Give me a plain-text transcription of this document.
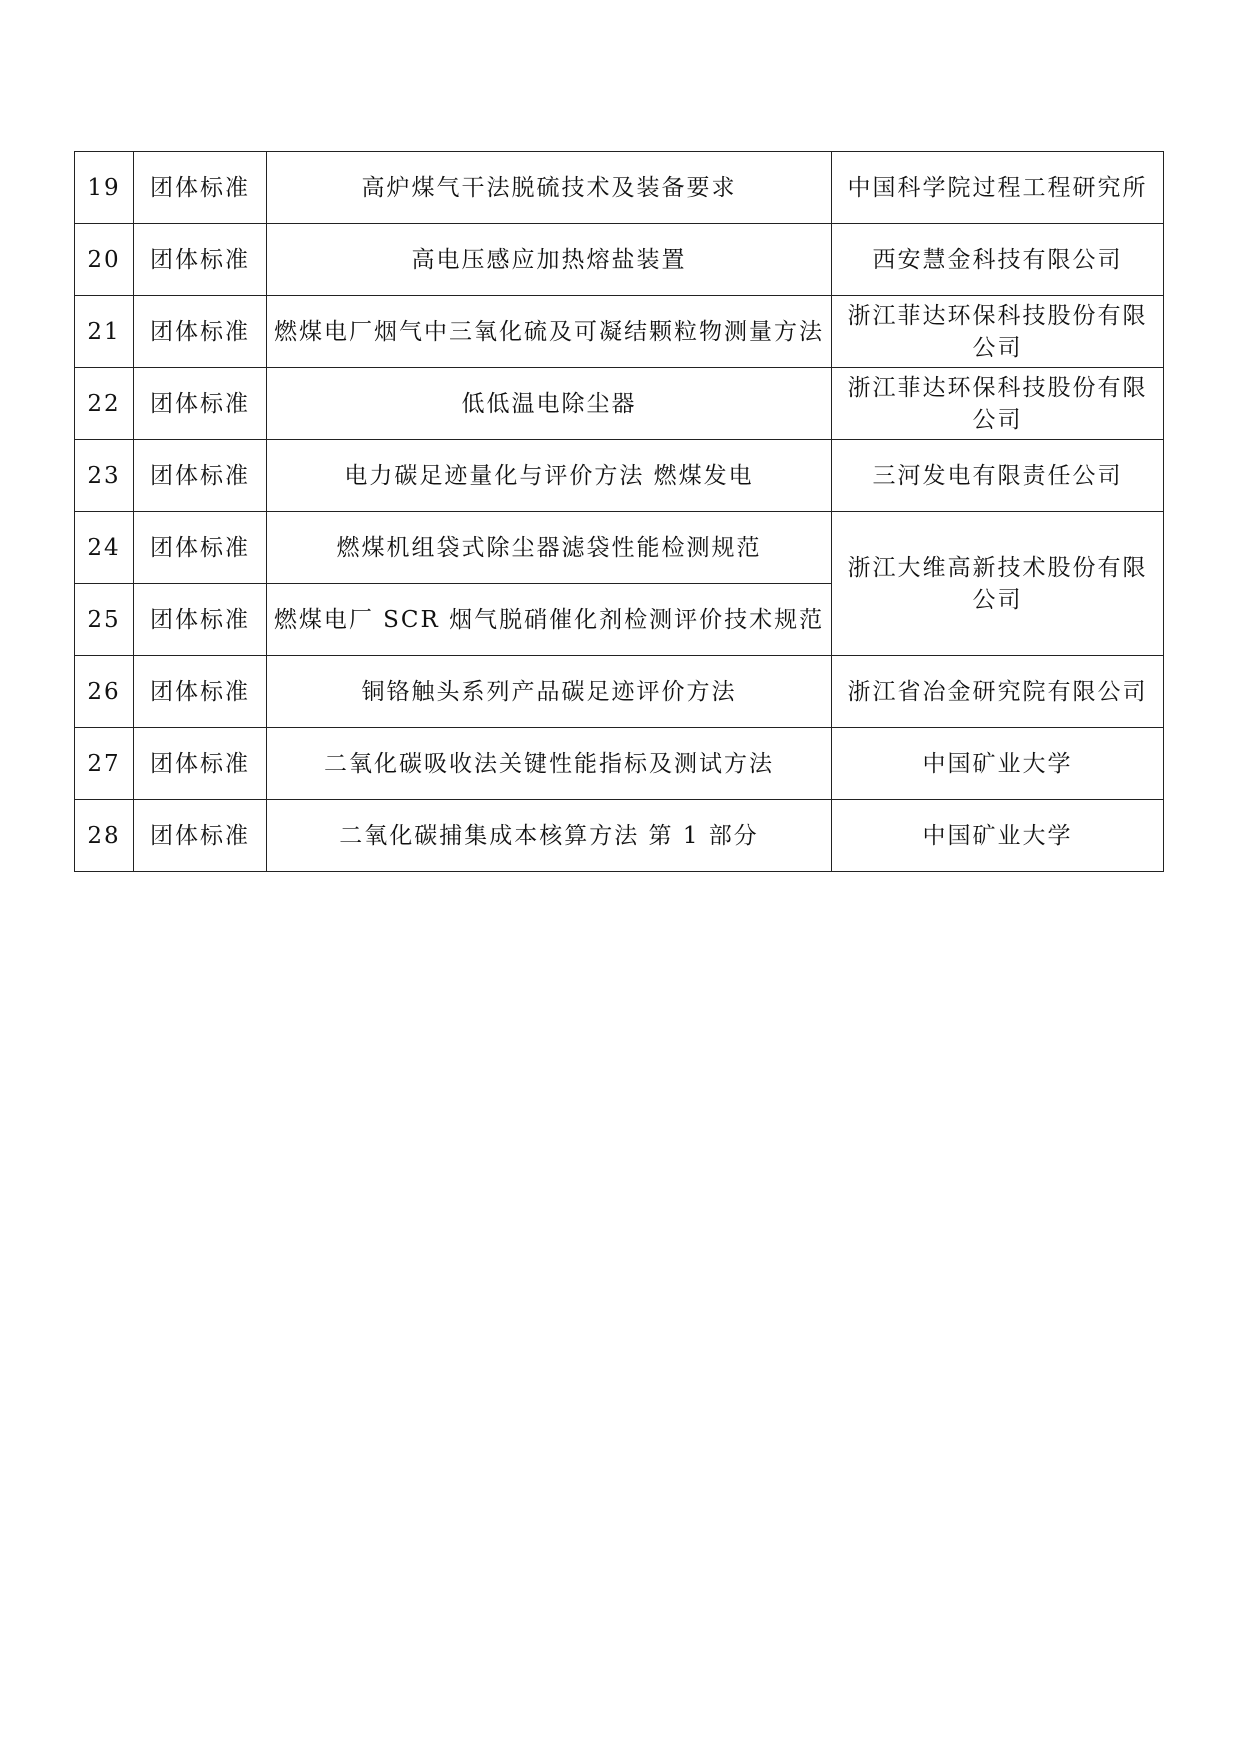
19	团体标准	高炉煤气干法脱硫技术及装备要求	中国科学院过程工程研究所
20	团体标准	高电压感应加热熔盐装置	西安慧金科技有限公司
21	团体标准	燃煤电厂烟气中三氧化硫及可凝结颗粒物测量方法	浙江菲达环保科技股份有限公司
22	团体标准	低低温电除尘器	浙江菲达环保科技股份有限公司
23	团体标准	电力碳足迹量化与评价方法 燃煤发电	三河发电有限责任公司
24	团体标准	燃煤机组袋式除尘器滤袋性能检测规范	浙江大维高新技术股份有限公司
25	团体标准	燃煤电厂 SCR 烟气脱硝催化剂检测评价技术规范	
26	团体标准	铜铬触头系列产品碳足迹评价方法	浙江省冶金研究院有限公司
27	团体标准	二氧化碳吸收法关键性能指标及测试方法	中国矿业大学
28	团体标准	二氧化碳捕集成本核算方法 第 1 部分	中国矿业大学
